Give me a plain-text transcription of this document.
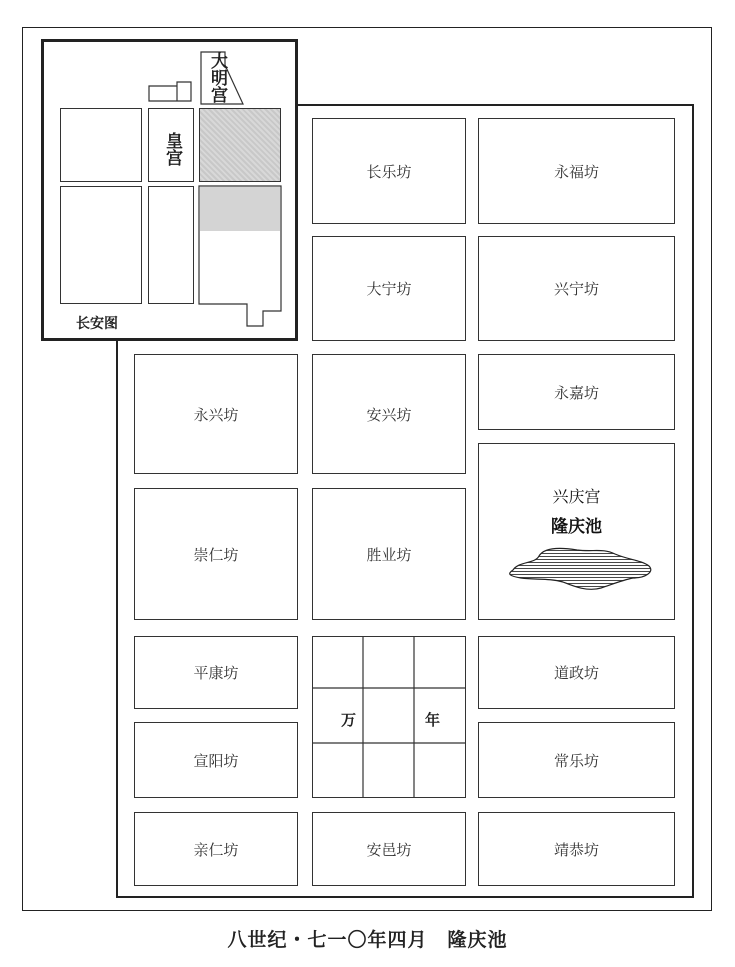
长乐坊	永福坊
大宁坊	兴宁坊
永兴坊	安兴坊
永嘉坊
兴庆宫
隆庆池
崇仁坊	胜业坊
平康坊	道政坊
万	年
宣阳坊	常乐坊
亲仁坊	安邑坊	靖恭坊
皇宫
大明宫
长安图
八世纪・七一〇年四月　隆庆池
